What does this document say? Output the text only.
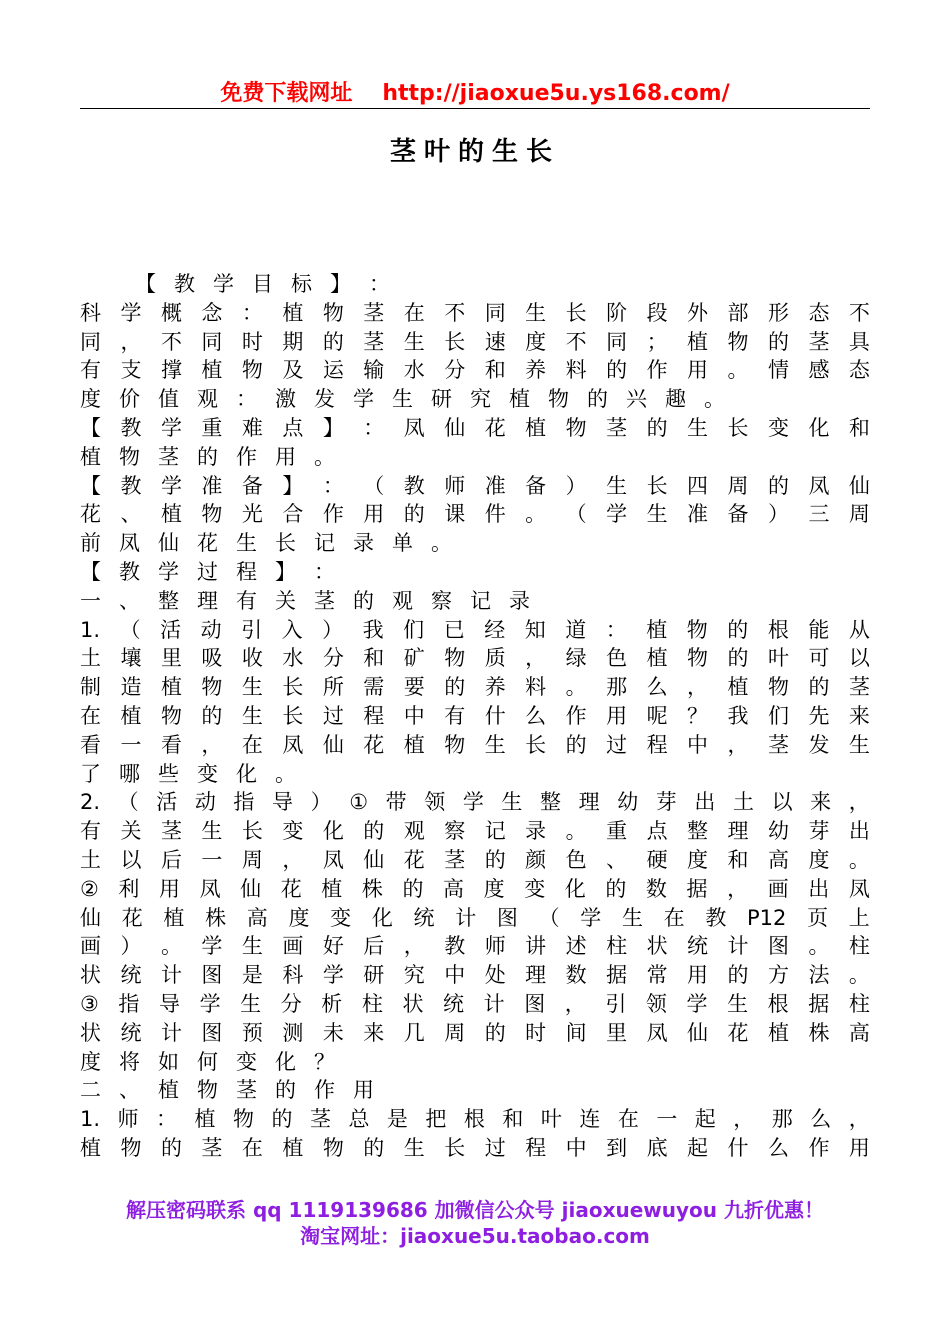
免费下载网址 http://jiaoxue5u.ys168.com/
茎叶的生长
【 教 学 目 标 】 ：
科 学 概 念 ： 植 物 茎 在 不 同 生 长 阶 段 外 部 形 态 不
同 ， 不 同 时 期 的 茎 生 长 速 度 不 同 ； 植 物 的 茎 具
有 支 撑 植 物 及 运 输 水 分 和 养 料 的 作 用 。 情 感 态
度 价 值 观 ： 激 发 学 生 研 究 植 物 的 兴 趣 。
【 教 学 重 难 点 】 ： 凤 仙 花 植 物 茎 的 生 长 变 化 和
植 物 茎 的 作 用 。
【 教 学 准 备 】 ： （ 教 师 准 备 ） 生 长 四 周 的 凤 仙
花 、 植 物 光 合 作 用 的 课 件 。 （ 学 生 准 备 ） 三 周
前 凤 仙 花 生 长 记 录 单 。
【 教 学 过 程 】 ：
一 、 整 理 有 关 茎 的 观 察 记 录
1. （ 活 动 引 入 ） 我 们 已 经 知 道 ： 植 物 的 根 能 从
土 壤 里 吸 收 水 分 和 矿 物 质 ， 绿 色 植 物 的 叶 可 以
制 造 植 物 生 长 所 需 要 的 养 料 。 那 么 ， 植 物 的 茎
在 植 物 的 生 长 过 程 中 有 什 么 作 用 呢 ？ 我 们 先 来
看 一 看 ， 在 凤 仙 花 植 物 生 长 的 过 程 中 ， 茎 发 生
了 哪 些 变 化 。
2. （ 活 动 指 导 ） ① 带 领 学 生 整 理 幼 芽 出 土 以 来 ，
有 关 茎 生 长 变 化 的 观 察 记 录 。 重 点 整 理 幼 芽 出
土 以 后 一 周 ， 凤 仙 花 茎 的 颜 色 、 硬 度 和 高 度 。
② 利 用 凤 仙 花 植 株 的 高 度 变 化 的 数 据 ， 画 出 凤
仙 花 植 株 高 度 变 化 统 计 图 （ 学 生 在 教 P12 页 上
画 ） 。 学 生 画 好 后 ， 教 师 讲 述 柱 状 统 计 图 。 柱
状 统 计 图 是 科 学 研 究 中 处 理 数 据 常 用 的 方 法 。
③ 指 导 学 生 分 析 柱 状 统 计 图 ， 引 领 学 生 根 据 柱
状 统 计 图 预 测 未 来 几 周 的 时 间 里 凤 仙 花 植 株 高
度 将 如 何 变 化 ？
二 、 植 物 茎 的 作 用
1. 师 ： 植 物 的 茎 总 是 把 根 和 叶 连 在 一 起 ， 那 么 ，
植 物 的 茎 在 植 物 的 生 长 过 程 中 到 底 起 什 么 作 用
解压密码联系 qq 1119139686 加微信公众号 jiaoxuewuyou 九折优惠！
淘宝网址：jiaoxue5u.taobao.com
